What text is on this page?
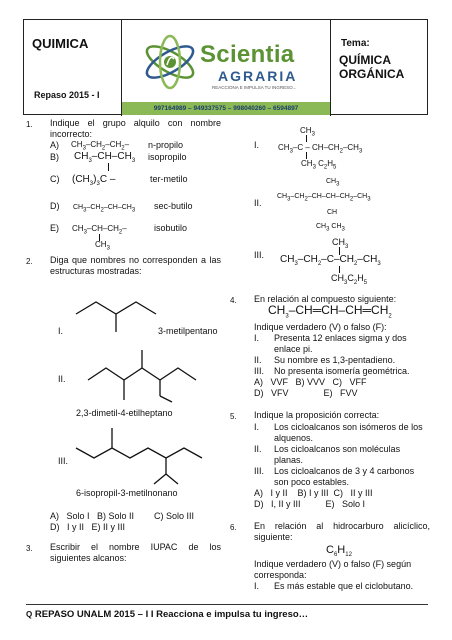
QUIMICA
Repaso 2015 - I
Scientia
AGRARIA
REACCIONA E IMPULSA TU INGRESO...
997164989 – 949337575 – 998040260 – 6594897
Tema:
QUÍMICA ORGÁNICA
1. Indique el grupo alquilo con nombre incorrecto:
A) $CH_3-CH_2-CH_2-$ n-propilo
B) $CH_3-CH-CH_3$ isopropilo
C) $(CH_3)_3C$ –	ter-metilo
D) CH3–CH2–CH–CH3 sec-butilo
E) $CH_3-CH-CH_2-$
$CH_3$
isobutilo
2. Diga que nombres no corresponden a las estructuras mostradas:
I.	3-metilpentano
II.
2,3-dimetil-4-etilheptano
III.
6-isopropil-3-metilnonano
A)   Solo I   B) Solo II        C) Solo III
D)   I y II   E) II y III
3. Escribir el nombre IUPAC de los siguientes alcanos:
I.
$CH_3$
$CH_3-C - CH-CH_2-CH_3$
$CH_3$ $C_2H_5$
II.
CH3
CH3–CH2–CH–CH–CH2–CH3
CH
CH3 CH3
III.
$CH_3$
$CH_3-CH_2-C-CH_2-CH_3$
$CH_3C_2H_5$
4. En relación al compuesto siguiente:
$CH_3-CH═CH-CH═CH_2$
Indique verdadero (V) o falso (F):
I. Presenta 12 enlaces sigma y dos enlace pi.
II. Su nombre es 1,3-pentadieno.
III. No presenta isomería geométrica.
A)   VVF   B) VVV   C)   VFF
D)   VFV              E)   FVV
5. Indique la proposición correcta:
I. Los cicloalcanos son isómeros de los alquenos.
II. Los cicloalcanos son moléculas planas.
III. Los cicloalcanos de 3 y 4 carbonos son poco estables.
A)   I y II    B) I y III  C)   II y III
D)   I, II y III          E)   Solo I
6. En relación al hidrocarburo alicíclico, siguiente:
$C_6H_{12}$
Indique verdadero (V) o falso (F) según corresponda:
I. Es más estable que el ciclobutano.
Q REPASO UNALM 2015 – I I Reacciona e impulsa tu ingreso…
